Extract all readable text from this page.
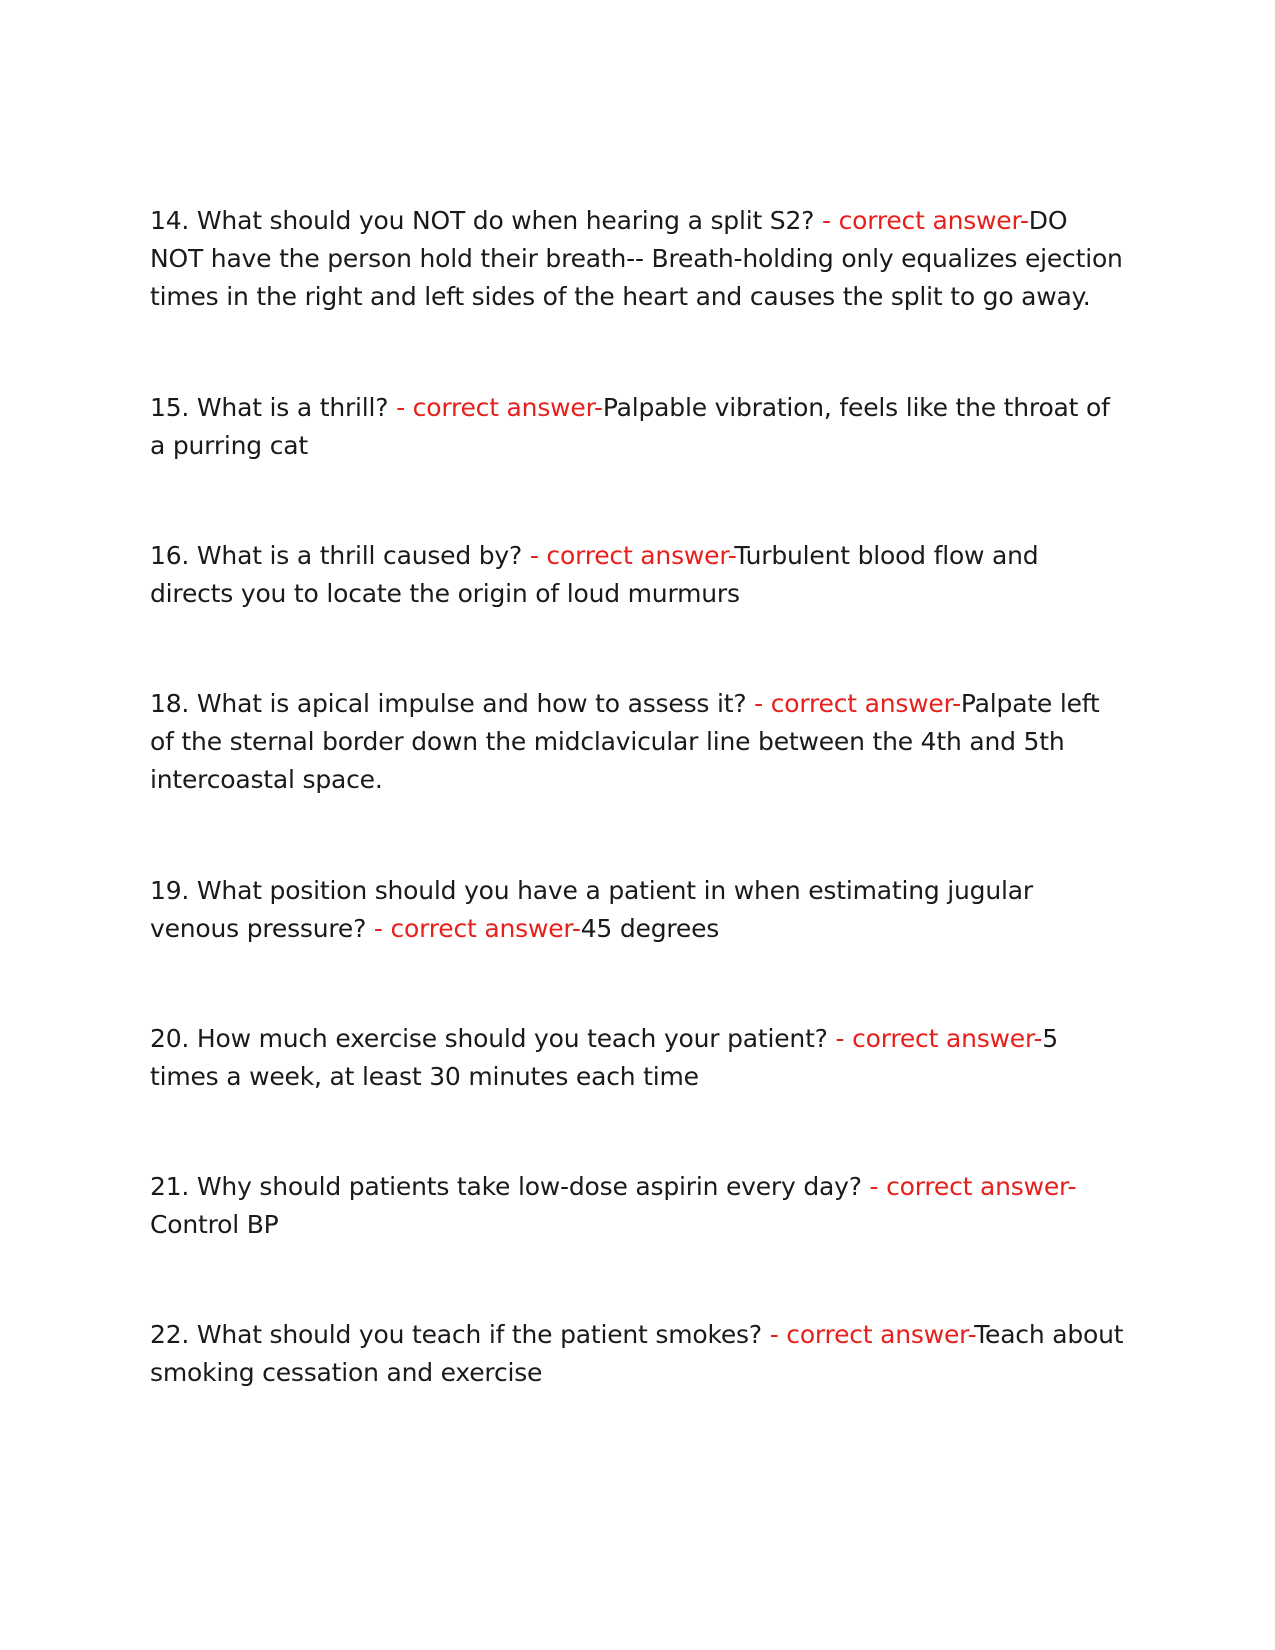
14. What should you NOT do when hearing a split S2? - correct answer-DO NOT have the person hold their breath-- Breath-holding only equalizes ejection times in the right and left sides of the heart and causes the split to go away.

15. What is a thrill? - correct answer-Palpable vibration, feels like the throat of a purring cat

16. What is a thrill caused by? - correct answer-Turbulent blood flow and directs you to locate the origin of loud murmurs

18. What is apical impulse and how to assess it? - correct answer-Palpate left of the sternal border down the midclavicular line between the 4th and 5th intercoastal space.

19. What position should you have a patient in when estimating jugular venous pressure? - correct answer-45 degrees

20. How much exercise should you teach your patient? - correct answer-5 times a week, at least 30 minutes each time

21. Why should patients take low-dose aspirin every day? - correct answer-Control BP

22. What should you teach if the patient smokes? - correct answer-Teach about smoking cessation and exercise
